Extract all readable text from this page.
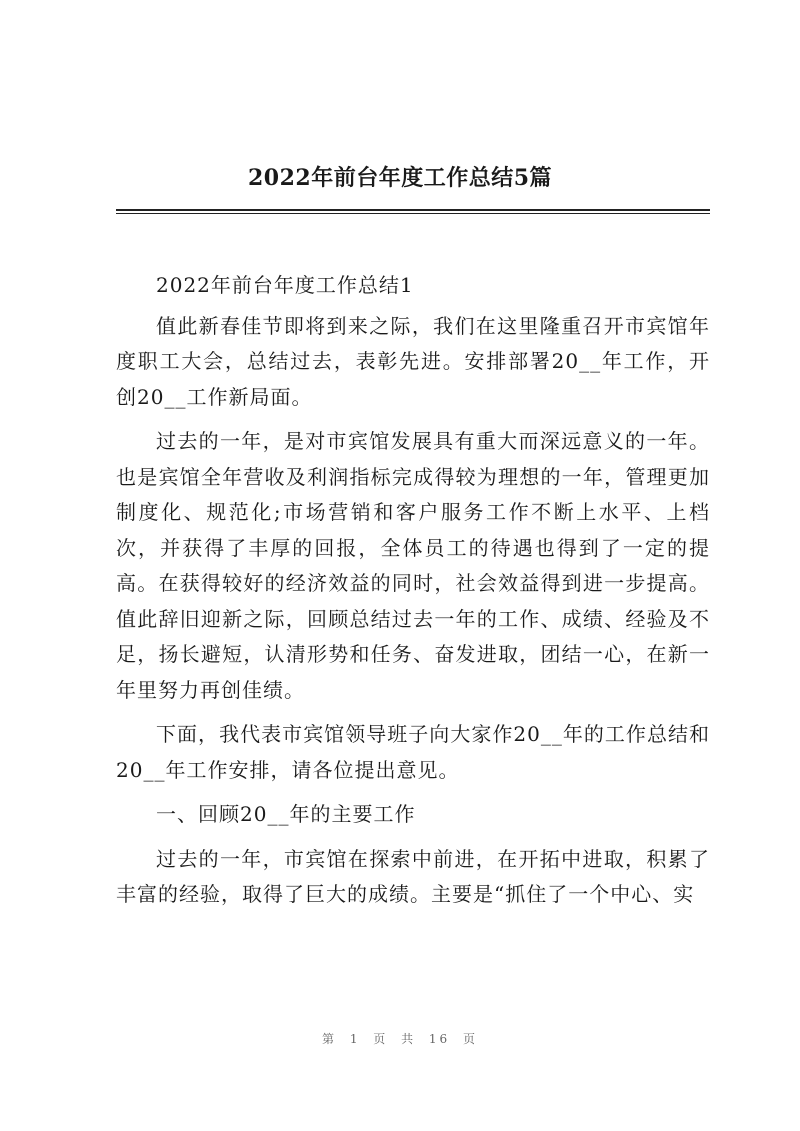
2022年前台年度工作总结5篇

2022年前台年度工作总结1

值此新春佳节即将到来之际，我们在这里隆重召开市宾馆年度职工大会，总结过去，表彰先进。安排部署20__年工作，开创20__工作新局面。

过去的一年，是对市宾馆发展具有重大而深远意义的一年。也是宾馆全年营收及利润指标完成得较为理想的一年，管理更加制度化、规范化;市场营销和客户服务工作不断上水平、上档次，并获得了丰厚的回报，全体员工的待遇也得到了一定的提高。在获得较好的经济效益的同时，社会效益得到进一步提高。值此辞旧迎新之际，回顾总结过去一年的工作、成绩、经验及不足，扬长避短，认清形势和任务、奋发进取，团结一心，在新一年里努力再创佳绩。

下面，我代表市宾馆领导班子向大家作20__年的工作总结和20__年工作安排，请各位提出意见。

一、回顾20__年的主要工作

过去的一年，市宾馆在探索中前进，在开拓中进取，积累了丰富的经验，取得了巨大的成绩。主要是“抓住了一个中心、实

第 1 页 共 16 页
